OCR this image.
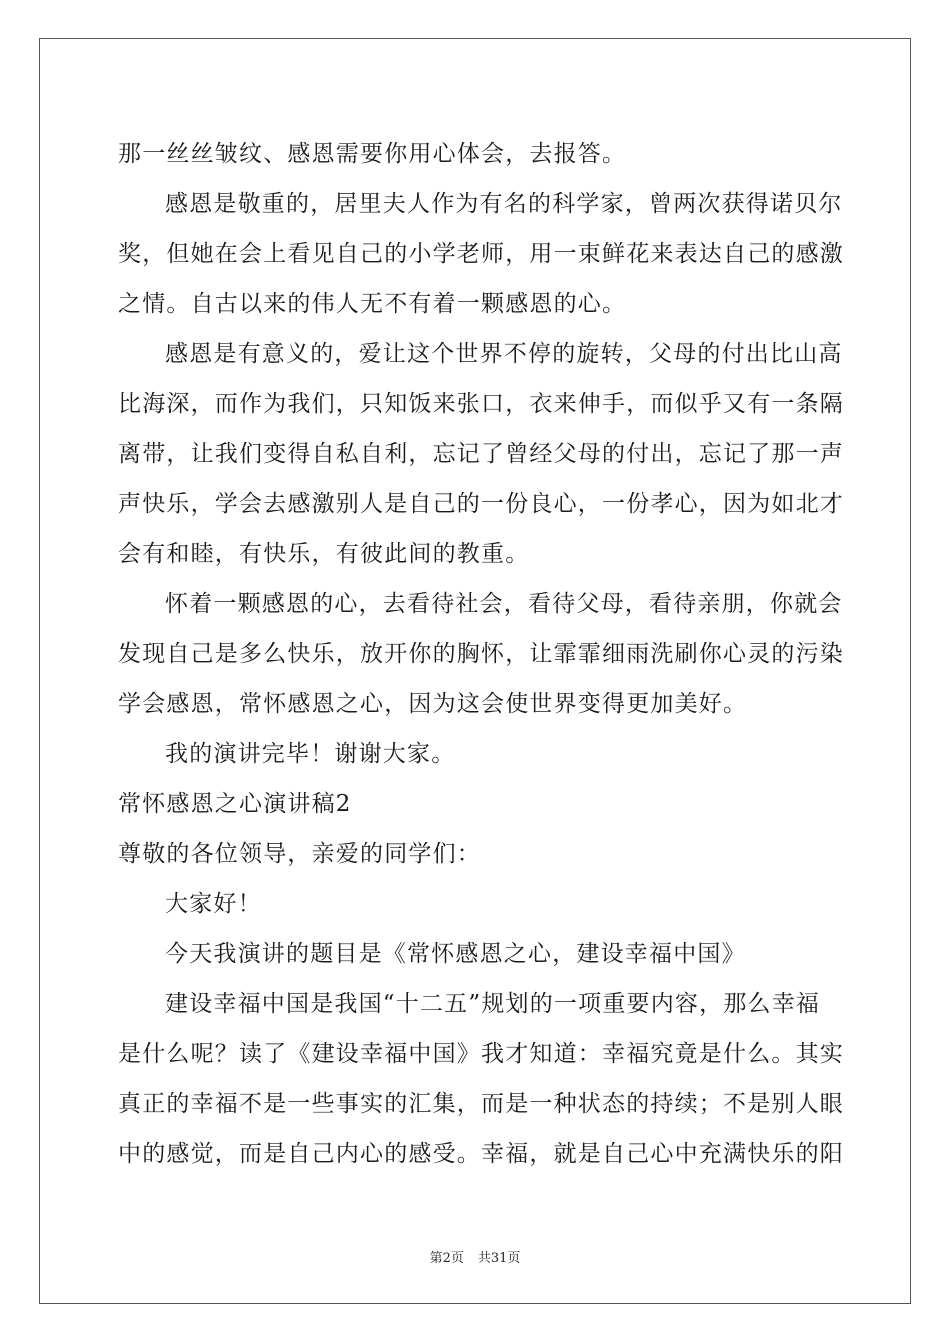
那一丝丝皱纹、感恩需要你用心体会，去报答。

感恩是敬重的，居里夫人作为有名的科学家，曾两次获得诺贝尔

奖，但她在会上看见自己的小学老师，用一束鲜花来表达自己的感激

之情。自古以来的伟人无不有着一颗感恩的心。

感恩是有意义的，爱让这个世界不停的旋转，父母的付出比山高

比海深，而作为我们，只知饭来张口，衣来伸手，而似乎又有一条隔

离带，让我们变得自私自利，忘记了曾经父母的付出，忘记了那一声

声快乐，学会去感激别人是自己的一份良心，一份孝心，因为如北才

会有和睦，有快乐，有彼此间的教重。

怀着一颗感恩的心，去看待社会，看待父母，看待亲朋，你就会

发现自己是多么快乐，放开你的胸怀，让霏霏细雨洗刷你心灵的污染

学会感恩，常怀感恩之心，因为这会使世界变得更加美好。

我的演讲完毕！谢谢大家。

常怀感恩之心演讲稿2

尊敬的各位领导，亲爱的同学们：

大家好！

今天我演讲的题目是《常怀感恩之心，建设幸福中国》

建设幸福中国是我国“十二五”规划的一项重要内容，那么幸福

是什么呢？读了《建设幸福中国》我才知道：幸福究竟是什么。其实

真正的幸福不是一些事实的汇集，而是一种状态的持续；不是别人眼

中的感觉，而是自己内心的感受。幸福，就是自己心中充满快乐的阳

第2页 共31页
